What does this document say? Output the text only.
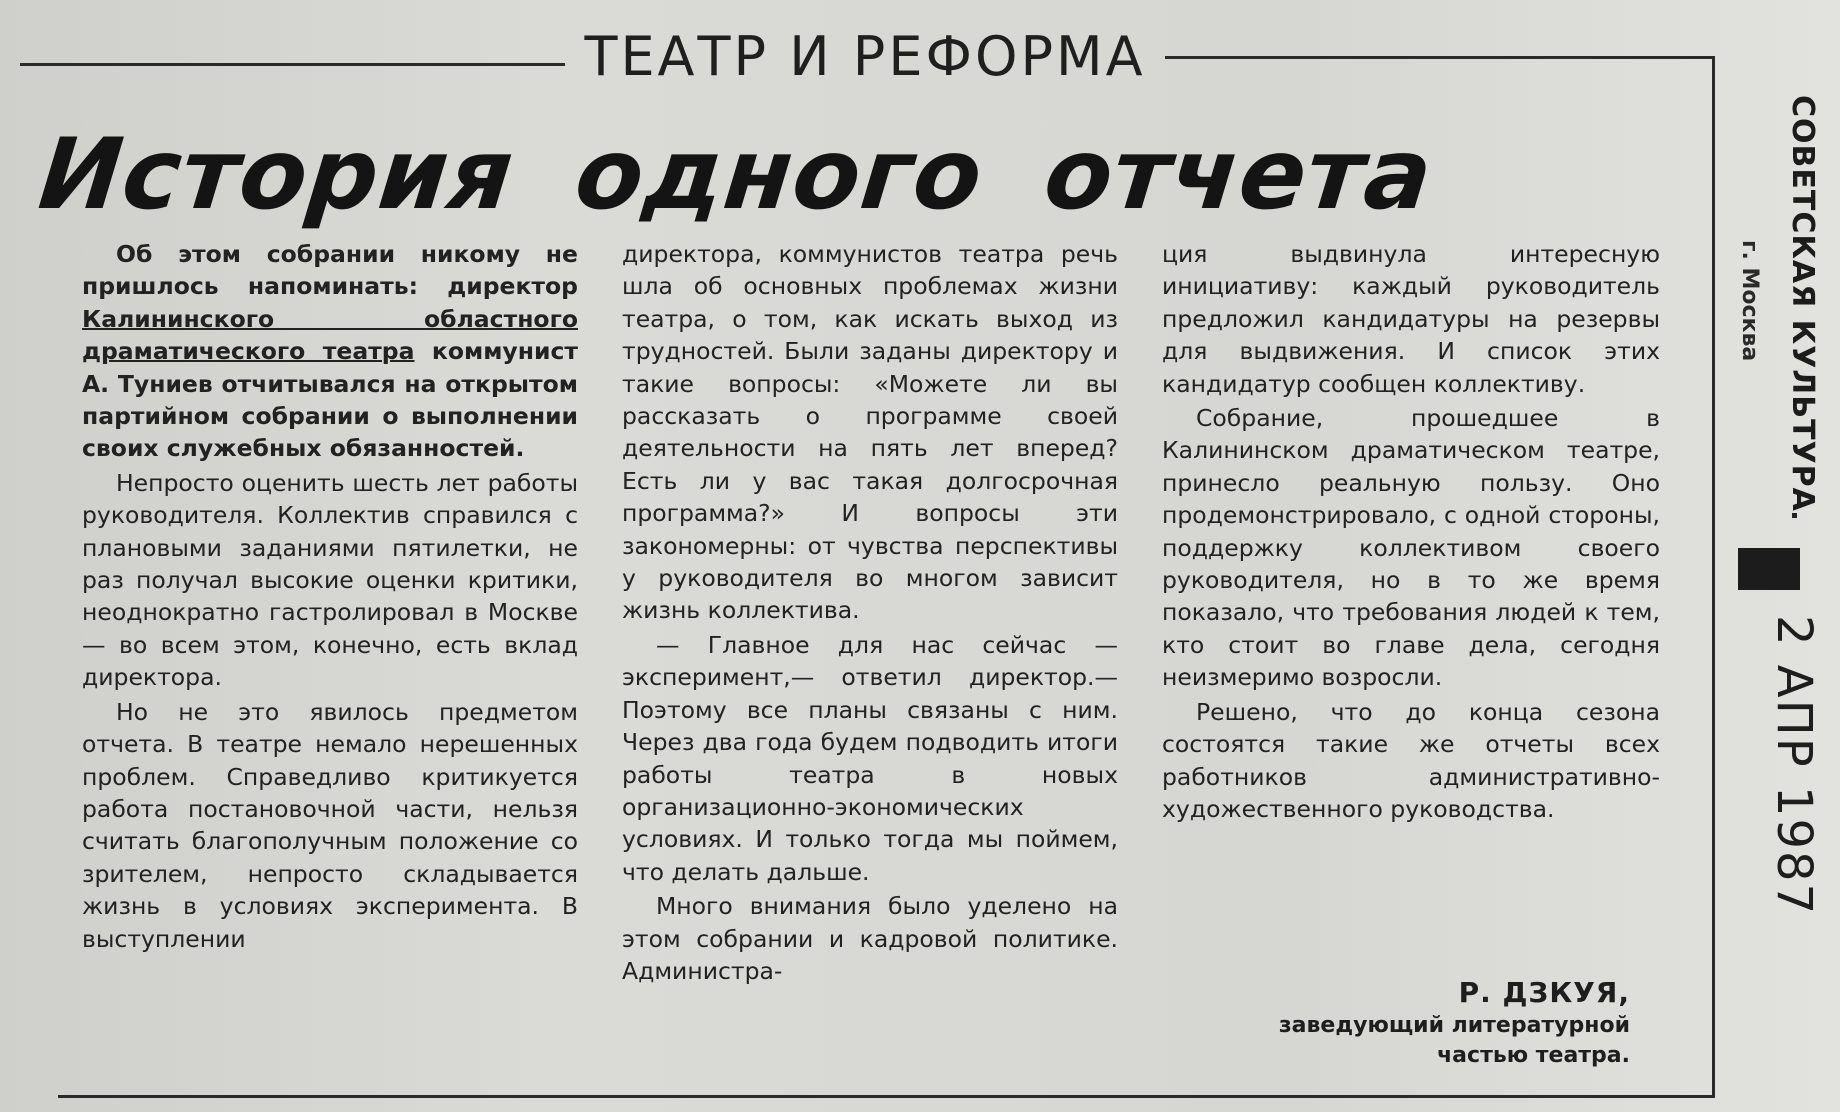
ТЕАТР И РЕФОРМА
История одного отчета

Об этом собрании никому не пришлось напоминать: директор Калининского областного драматического театра коммунист А. Туниев отчитывался на открытом партийном собрании о выполнении своих служебных обязанностей.

Непросто оценить шесть лет работы руководителя. Коллектив справился с плановыми заданиями пятилетки, не раз получал высокие оценки критики, неоднократно гастролировал в Москве — во всем этом, конечно, есть вклад директора.

Но не это явилось предметом отчета. В театре немало нерешенных проблем. Справедливо критикуется работа постановочной части, нельзя считать благополучным положение со зрителем, непросто складывается жизнь в условиях эксперимента. В выступлении

директора, коммунистов театра речь шла об основных проблемах жизни театра, о том, как искать выход из трудностей. Были заданы директору и такие вопросы: «Можете ли вы рассказать о программе своей деятельности на пять лет вперед? Есть ли у вас такая долгосрочная программа?» И вопросы эти закономерны: от чувства перспективы у руководителя во многом зависит жизнь коллектива.

— Главное для нас сейчас — эксперимент,— ответил директор.— Поэтому все планы связаны с ним. Через два года будем подводить итоги работы театра в новых организационно-экономических условиях. И только тогда мы поймем, что делать дальше.

Много внимания было уделено на этом собрании и кадровой политике. Администра-

ция выдвинула интересную инициативу: каждый руководитель предложил кандидатуры на резервы для выдвижения. И список этих кандидатур сообщен коллективу.

Собрание, прошедшее в Калининском драматическом театре, принесло реальную пользу. Оно продемонстрировало, с одной стороны, поддержку коллективом своего руководителя, но в то же время показало, что требования людей к тем, кто стоит во главе дела, сегодня неизмеримо возросли.

Решено, что до конца сезона состоятся такие же отчеты всех работников административно-художественного руководства.

Р. ДЗКУЯ,
заведующий литературной
частью театра.
СОВЕТСКАЯ КУЛЬТУРА
г. Москва
2 АПР 1987
